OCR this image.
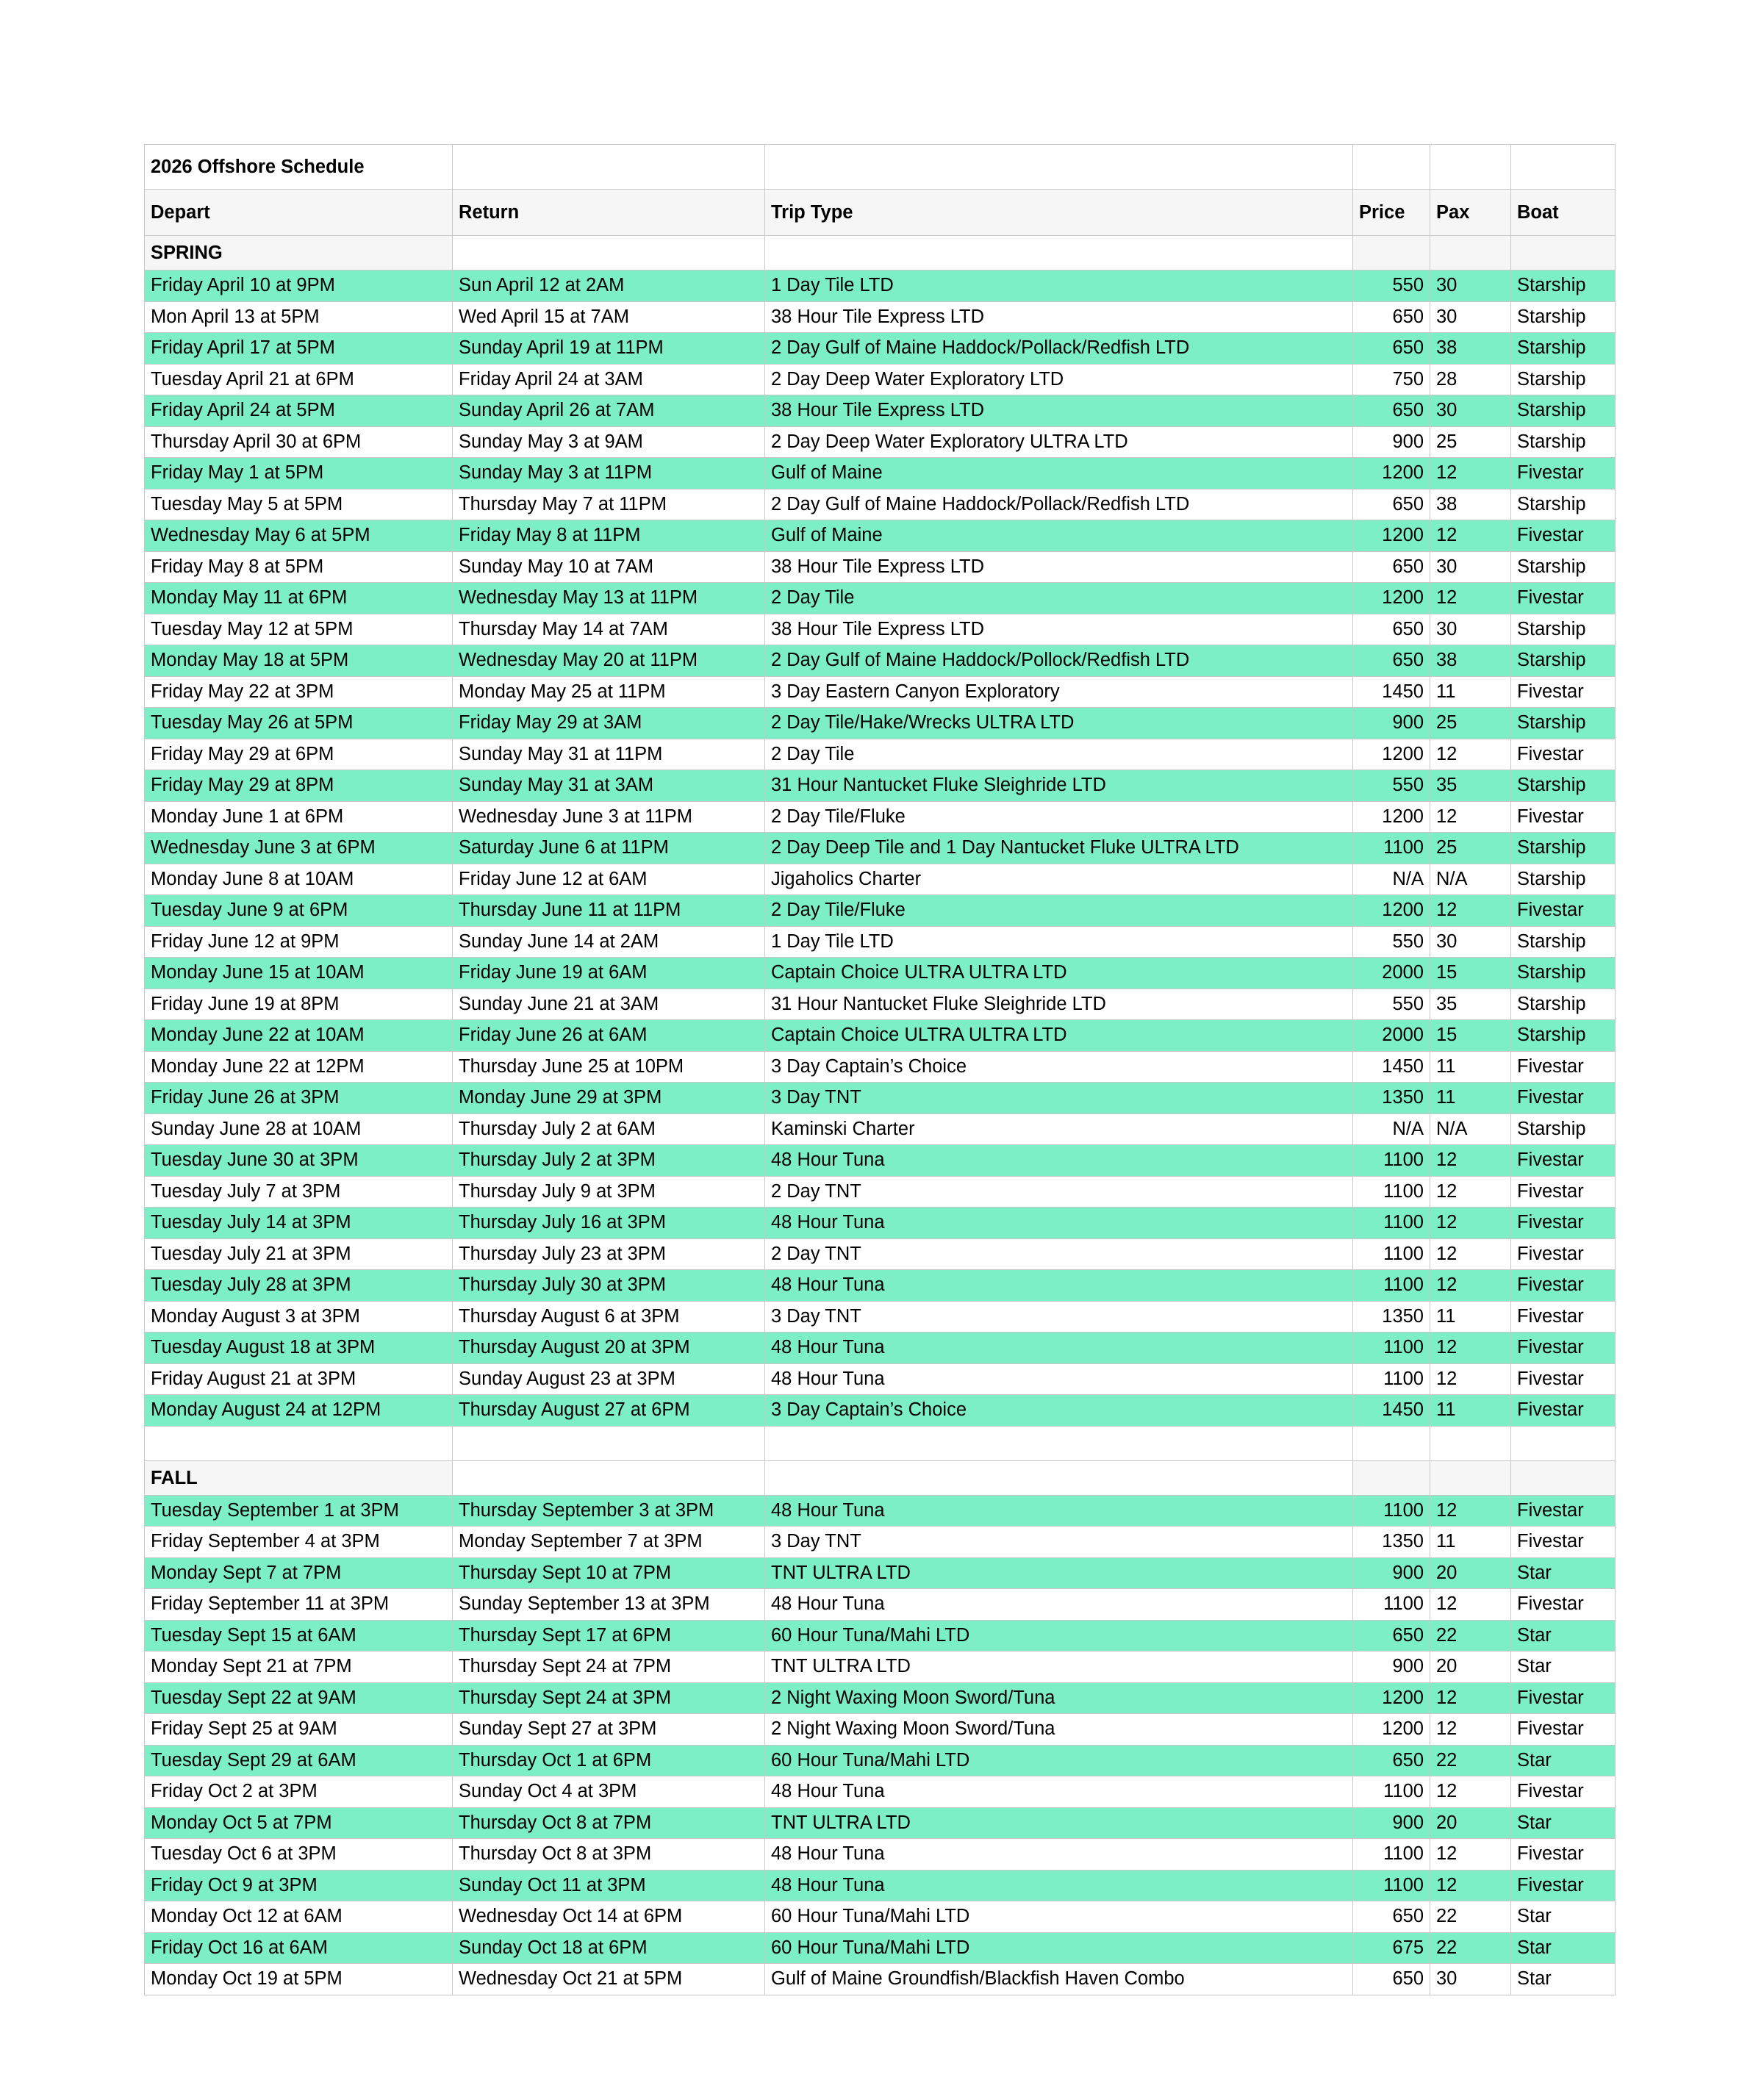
2026 Offshore Schedule					
Depart	Return	Trip Type	Price	Pax	Boat
SPRING					
Friday April 10 at 9PM	Sun April 12 at 2AM	1 Day Tile LTD	550	30	Starship
Mon April 13 at 5PM	Wed April 15 at 7AM	38 Hour Tile Express LTD	650	30	Starship
Friday April 17 at 5PM	Sunday April 19 at 11PM	2 Day Gulf of Maine Haddock/Pollack/Redfish LTD	650	38	Starship
Tuesday April 21 at 6PM	Friday April 24 at 3AM	2 Day Deep Water Exploratory LTD	750	28	Starship
Friday April 24 at 5PM	Sunday April 26 at 7AM	38 Hour Tile Express LTD	650	30	Starship
Thursday April 30 at 6PM	Sunday May 3 at 9AM	2 Day Deep Water Exploratory ULTRA LTD	900	25	Starship
Friday May 1 at 5PM	Sunday May 3 at 11PM	Gulf of Maine	1200	12	Fivestar
Tuesday May 5 at 5PM	Thursday May 7 at 11PM	2 Day Gulf of Maine Haddock/Pollack/Redfish LTD	650	38	Starship
Wednesday May 6 at 5PM	Friday May 8 at 11PM	Gulf of Maine	1200	12	Fivestar
Friday May 8 at 5PM	Sunday May 10 at 7AM	38 Hour Tile Express LTD	650	30	Starship
Monday May 11 at 6PM	Wednesday May 13 at 11PM	2 Day Tile	1200	12	Fivestar
Tuesday May 12 at 5PM	Thursday May 14 at 7AM	38 Hour Tile Express LTD	650	30	Starship
Monday May 18 at 5PM	Wednesday May 20 at 11PM	2 Day Gulf of Maine Haddock/Pollock/Redfish LTD	650	38	Starship
Friday May 22 at 3PM	Monday May 25 at 11PM	3 Day Eastern Canyon Exploratory	1450	11	Fivestar
Tuesday May 26 at 5PM	Friday May 29 at 3AM	2 Day Tile/Hake/Wrecks ULTRA LTD	900	25	Starship
Friday May 29 at 6PM	Sunday May 31 at 11PM	2 Day Tile	1200	12	Fivestar
Friday May 29 at 8PM	Sunday May 31 at 3AM	31 Hour Nantucket Fluke Sleighride LTD	550	35	Starship
Monday June 1 at 6PM	Wednesday June 3 at 11PM	2 Day Tile/Fluke	1200	12	Fivestar
Wednesday June 3 at 6PM	Saturday June 6 at 11PM	2 Day Deep Tile and 1 Day Nantucket Fluke ULTRA LTD	1100	25	Starship
Monday June 8 at 10AM	Friday June 12 at 6AM	Jigaholics Charter	N/A	N/A	Starship
Tuesday June 9 at 6PM	Thursday June 11 at 11PM	2 Day Tile/Fluke	1200	12	Fivestar
Friday June 12 at 9PM	Sunday June 14 at 2AM	1 Day Tile LTD	550	30	Starship
Monday June 15 at 10AM	Friday June 19 at 6AM	Captain Choice ULTRA ULTRA LTD	2000	15	Starship
Friday June 19 at 8PM	Sunday June 21 at 3AM	31 Hour Nantucket Fluke Sleighride LTD	550	35	Starship
Monday June 22 at 10AM	Friday June 26 at 6AM	Captain Choice ULTRA ULTRA LTD	2000	15	Starship
Monday June 22 at 12PM	Thursday June 25 at 10PM	3 Day Captain’s Choice	1450	11	Fivestar
Friday June 26 at 3PM	Monday June 29 at 3PM	3 Day TNT	1350	11	Fivestar
Sunday June 28 at 10AM	Thursday July 2 at 6AM	Kaminski Charter	N/A	N/A	Starship
Tuesday June 30 at 3PM	Thursday July 2 at 3PM	48 Hour Tuna	1100	12	Fivestar
Tuesday July 7 at 3PM	Thursday July 9 at 3PM	2 Day TNT	1100	12	Fivestar
Tuesday July 14 at 3PM	Thursday July 16 at 3PM	48 Hour Tuna	1100	12	Fivestar
Tuesday July 21 at 3PM	Thursday July 23 at 3PM	2 Day TNT	1100	12	Fivestar
Tuesday July 28 at 3PM	Thursday July 30 at 3PM	48 Hour Tuna	1100	12	Fivestar
Monday August 3 at 3PM	Thursday August 6 at 3PM	3 Day TNT	1350	11	Fivestar
Tuesday August 18 at 3PM	Thursday August 20 at 3PM	48 Hour Tuna	1100	12	Fivestar
Friday August 21 at 3PM	Sunday August 23 at 3PM	48 Hour Tuna	1100	12	Fivestar
Monday August 24 at 12PM	Thursday August 27 at 6PM	3 Day Captain’s Choice	1450	11	Fivestar

FALL					
Tuesday September 1 at 3PM	Thursday September 3 at 3PM	48 Hour Tuna	1100	12	Fivestar
Friday September 4 at 3PM	Monday September 7 at 3PM	3 Day TNT	1350	11	Fivestar
Monday Sept 7 at 7PM	Thursday Sept 10 at 7PM	TNT ULTRA LTD	900	20	Star
Friday September 11 at 3PM	Sunday September 13 at 3PM	48 Hour Tuna	1100	12	Fivestar
Tuesday Sept 15 at 6AM	Thursday Sept 17 at 6PM	60 Hour Tuna/Mahi LTD	650	22	Star
Monday Sept 21 at 7PM	Thursday Sept 24 at 7PM	TNT ULTRA LTD	900	20	Star
Tuesday Sept 22 at 9AM	Thursday Sept 24 at 3PM	2 Night Waxing Moon Sword/Tuna	1200	12	Fivestar
Friday Sept 25 at 9AM	Sunday Sept 27 at 3PM	2 Night Waxing Moon Sword/Tuna	1200	12	Fivestar
Tuesday Sept 29 at 6AM	Thursday Oct 1 at 6PM	60 Hour Tuna/Mahi LTD	650	22	Star
Friday Oct 2 at 3PM	Sunday Oct 4 at 3PM	48 Hour Tuna	1100	12	Fivestar
Monday Oct 5 at 7PM	Thursday Oct 8 at 7PM	TNT ULTRA LTD	900	20	Star
Tuesday Oct 6 at 3PM	Thursday Oct 8 at 3PM	48 Hour Tuna	1100	12	Fivestar
Friday Oct 9 at 3PM	Sunday Oct 11 at 3PM	48 Hour Tuna	1100	12	Fivestar
Monday Oct 12 at 6AM	Wednesday Oct 14 at 6PM	60 Hour Tuna/Mahi LTD	650	22	Star
Friday Oct 16 at 6AM	Sunday Oct 18 at 6PM	60 Hour Tuna/Mahi LTD	675	22	Star
Monday Oct 19 at 5PM	Wednesday Oct 21 at 5PM	Gulf of Maine Groundfish/Blackfish Haven Combo	650	30	Star
